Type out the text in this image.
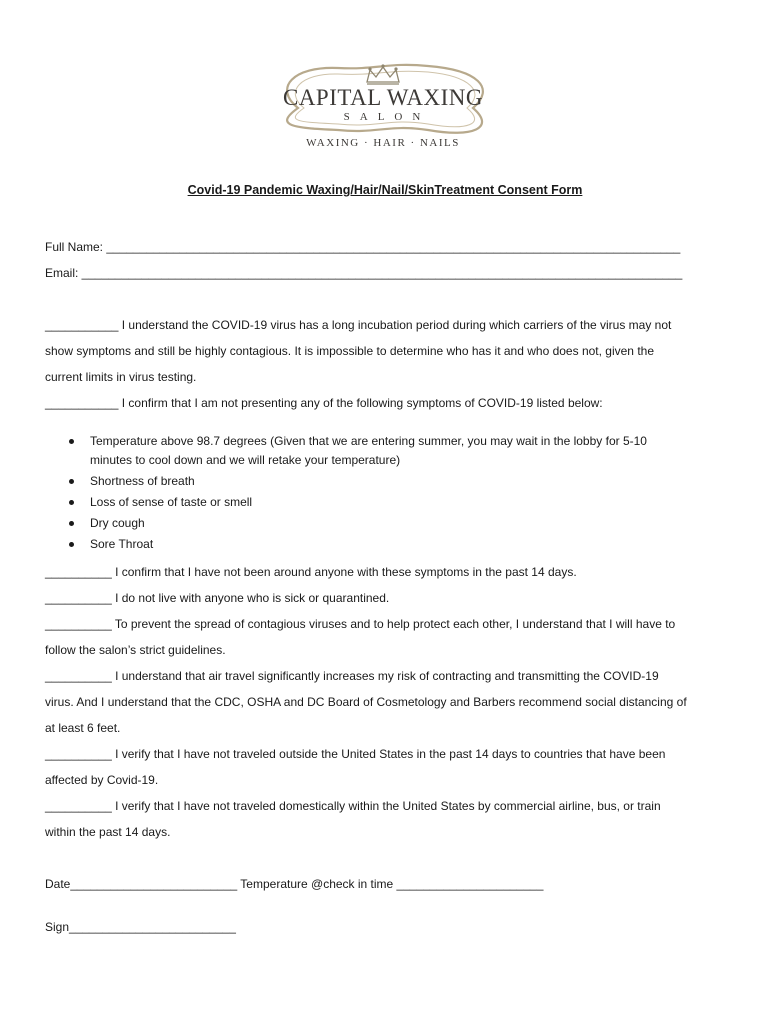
CAPITAL WAXING
SALON
WAXING · HAIR · NAILS
Covid-19 Pandemic Waxing/Hair/Nail/SkinTreatment Consent Form
Full Name: ______________________________________________________________________________________
Email: __________________________________________________________________________________________
___________ I understand the COVID-19 virus has a long incubation period during which carriers of the virus may not
show symptoms and still be highly contagious. It is impossible to determine who has it and who does not, given the
current limits in virus testing.
___________ I confirm that I am not presenting any of the following symptoms of COVID-19 listed below:
Temperature above 98.7 degrees (Given that we are entering summer, you may wait in the lobby for 5-10
minutes to cool down and we will retake your temperature)
Shortness of breath
Loss of sense of taste or smell
Dry cough
Sore Throat
__________ I confirm that I have not been around anyone with these symptoms in the past 14 days.
__________ I do not live with anyone who is sick or quarantined.
__________ To prevent the spread of contagious viruses and to help protect each other, I understand that I will have to
follow the salon’s strict guidelines.
__________ I understand that air travel significantly increases my risk of contracting and transmitting the COVID-19
virus. And I understand that the CDC, OSHA and DC Board of Cosmetology and Barbers recommend social distancing of
at least 6 feet.
__________ I verify that I have not traveled outside the United States in the past 14 days to countries that have been
affected by Covid-19.
__________ I verify that I have not traveled domestically within the United States by commercial airline, bus, or train
within the past 14 days.
Date_________________________ Temperature @check in time ______________________
Sign_________________________
